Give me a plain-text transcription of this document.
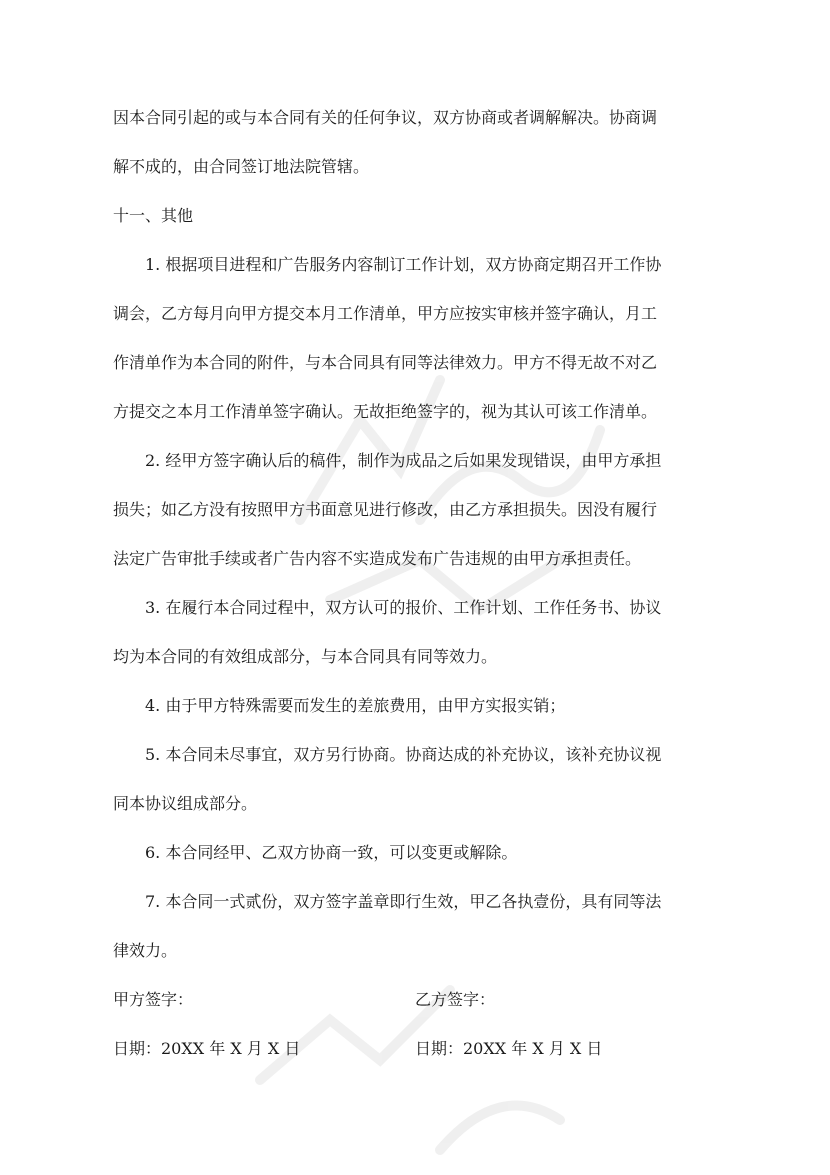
因本合同引起的或与本合同有关的任何争议，双方协商或者调解解决。协商调
解不成的，由合同签订地法院管辖。
十一、其他
1. 根据项目进程和广告服务内容制订工作计划，双方协商定期召开工作协
调会，乙方每月向甲方提交本月工作清单，甲方应按实审核并签字确认，月工
作清单作为本合同的附件，与本合同具有同等法律效力。甲方不得无故不对乙
方提交之本月工作清单签字确认。无故拒绝签字的，视为其认可该工作清单。
2. 经甲方签字确认后的稿件，制作为成品之后如果发现错误，由甲方承担
损失；如乙方没有按照甲方书面意见进行修改，由乙方承担损失。因没有履行
法定广告审批手续或者广告内容不实造成发布广告违规的由甲方承担责任。
3. 在履行本合同过程中，双方认可的报价、工作计划、工作任务书、协议
均为本合同的有效组成部分，与本合同具有同等效力。
4. 由于甲方特殊需要而发生的差旅费用，由甲方实报实销；
5. 本合同未尽事宜，双方另行协商。协商达成的补充协议，该补充协议视
同本协议组成部分。
6. 本合同经甲、乙双方协商一致，可以变更或解除。
7. 本合同一式贰份，双方签字盖章即行生效，甲乙各执壹份，具有同等法
律效力。
甲方签字：	乙方签字：
日期：20XX 年 X 月 X 日	日期：20XX 年 X 月 X 日
